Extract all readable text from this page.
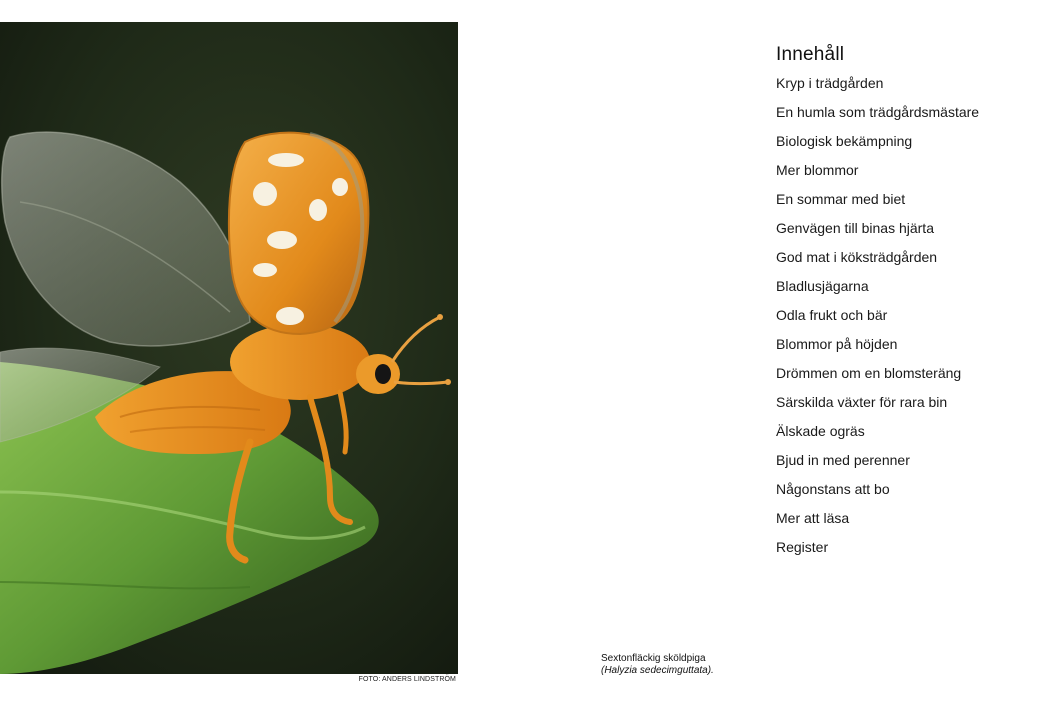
FOTO: ANDERS LINDSTRÖM
Sextonfläckig sköldpiga
(Halyzia sedecimguttata).
Innehåll
Kryp i trädgården
En humla som trädgårdsmästare
Biologisk bekämpning
Mer blommor
En sommar med biet
Genvägen till binas hjärta
God mat i köksträdgården
Bladlusjägarna
Odla frukt och bär
Blommor på höjden
Drömmen om en blomsteräng
Särskilda växter för rara bin
Älskade ogräs
Bjud in med perenner
Någonstans att bo
Mer att läsa
Register
